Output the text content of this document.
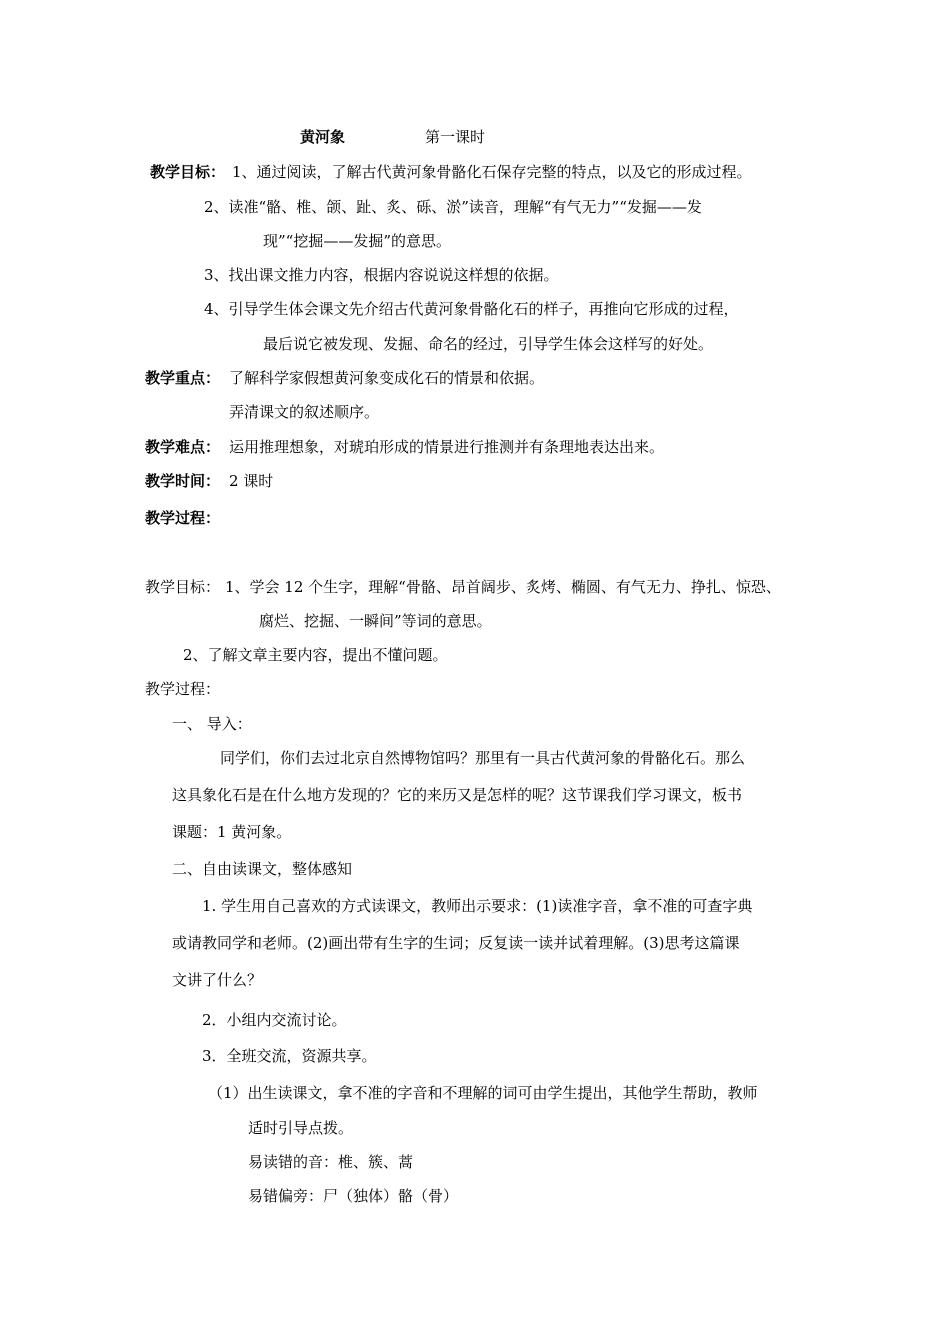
黄河象	第一课时
教学目标： 1、通过阅读，了解古代黄河象骨骼化石保存完整的特点，以及它的形成过程。
2、读准“骼、椎、颌、趾、炙、砾、淤”读音，理解“有气无力”“发掘——发
现”“挖掘——发掘”的意思。
3、找出课文推力内容，根据内容说说这样想的依据。
4、引导学生体会课文先介绍古代黄河象骨骼化石的样子，再推向它形成的过程，
最后说它被发现、发掘、命名的经过，引导学生体会这样写的好处。
教学重点： 了解科学家假想黄河象变成化石的情景和依据。
弄清课文的叙述顺序。
教学难点： 运用推理想象，对琥珀形成的情景进行推测并有条理地表达出来。
教学时间： 2 课时
教学过程：
教学目标： 1、学会 12 个生字，理解“骨骼、昂首阔步、炙烤、椭圆、有气无力、挣扎、惊恐、
腐烂、挖掘、一瞬间”等词的意思。
2、了解文章主要内容，提出不懂问题。
教学过程：
一、 导入：
同学们，你们去过北京自然博物馆吗？那里有一具古代黄河象的骨骼化石。那么
这具象化石是在什么地方发现的？它的来历又是怎样的呢？这节课我们学习课文，板书
课题：1 黄河象。
二、自由读课文，整体感知
1. 学生用自己喜欢的方式读课文，教师出示要求：(1)读准字音，拿不准的可查字典
或请教同学和老师。(2)画出带有生字的生词；反复读一读并试着理解。(3)思考这篇课
文讲了什么？
2．小组内交流讨论。
3．全班交流，资源共享。
（1）出生读课文，拿不准的字音和不理解的词可由学生提出，其他学生帮助，教师
适时引导点拨。
易读错的音：椎、簇、蒿
易错偏旁：尸（独体）骼（骨）
